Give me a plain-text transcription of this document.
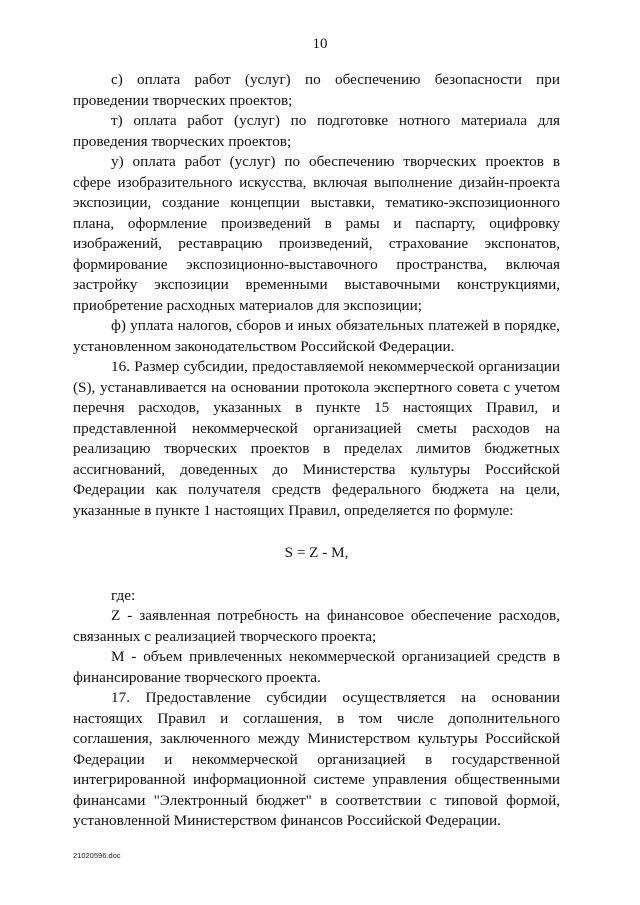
10

с) оплата работ (услуг) по обеспечению безопасности при проведении творческих проектов;

т) оплата работ (услуг) по подготовке нотного материала для проведения творческих проектов;

у) оплата работ (услуг) по обеспечению творческих проектов в сфере изобразительного искусства, включая выполнение дизайн-проекта экспозиции, создание концепции выставки, тематико-экспозиционного плана, оформление произведений в рамы и паспарту, оцифровку изображений, реставрацию произведений, страхование экспонатов, формирование экспозиционно-выставочного пространства, включая застройку экспозиции временными выставочными конструкциями, приобретение расходных материалов для экспозиции;

ф) уплата налогов, сборов и иных обязательных платежей в порядке, установленном законодательством Российской Федерации.

16. Размер субсидии, предоставляемой некоммерческой организации (S), устанавливается на основании протокола экспертного совета с учетом перечня расходов, указанных в пункте 15 настоящих Правил, и представленной некоммерческой организацией сметы расходов на реализацию творческих проектов в пределах лимитов бюджетных ассигнований, доведенных до Министерства культуры Российской Федерации как получателя средств федерального бюджета на цели, указанные в пункте 1 настоящих Правил, определяется по формуле:

S = Z - M,

где:

Z - заявленная потребность на финансовое обеспечение расходов, связанных с реализацией творческого проекта;

M - объем привлеченных некоммерческой организацией средств в финансирование творческого проекта.

17. Предоставление субсидии осуществляется на основании настоящих Правил и соглашения, в том числе дополнительного соглашения, заключенного между Министерством культуры Российской Федерации и некоммерческой организацией в государственной интегрированной информационной системе управления общественными финансами "Электронный бюджет" в соответствии с типовой формой, установленной Министерством финансов Российской Федерации.

21020596.doc
